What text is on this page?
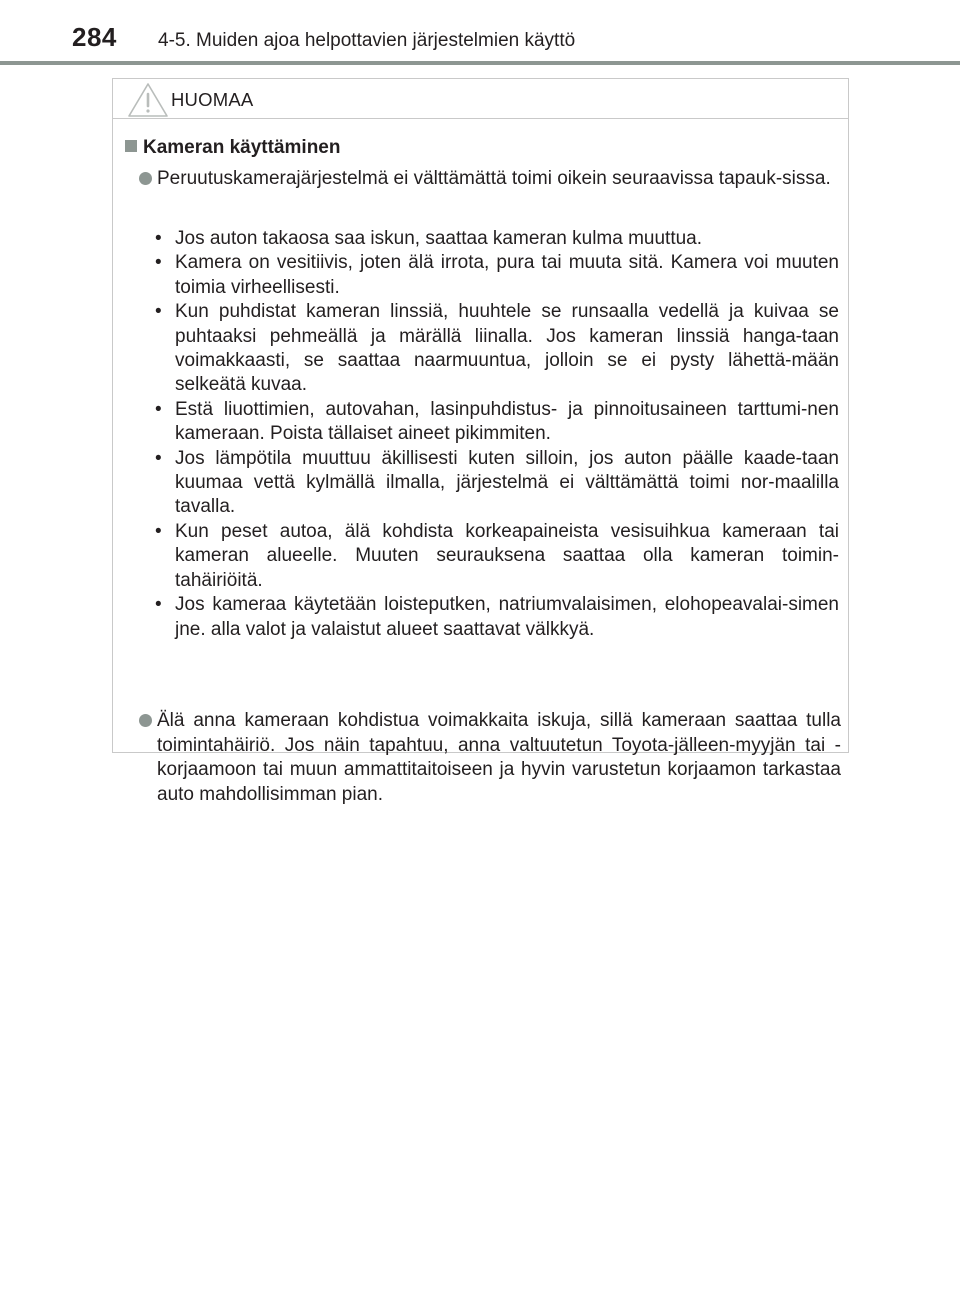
284 4-5. Muiden ajoa helpottavien järjestelmien käyttö
HUOMAA
Kameran käyttäminen
Peruutuskamerajärjestelmä ei välttämättä toimi oikein seuraavissa tapauk-sissa.
• Jos auton takaosa saa iskun, saattaa kameran kulma muuttua.
• Kamera on vesitiivis, joten älä irrota, pura tai muuta sitä. Kamera voi muuten toimia virheellisesti.
• Kun puhdistat kameran linssiä, huuhtele se runsaalla vedellä ja kuivaa se puhtaaksi pehmeällä ja märällä liinalla. Jos kameran linssiä hanga-taan voimakkaasti, se saattaa naarmuuntua, jolloin se ei pysty lähettä-mään selkeätä kuvaa.
• Estä liuottimien, autovahan, lasinpuhdistus- ja pinnoitusaineen tarttumi-nen kameraan. Poista tällaiset aineet pikimmiten.
• Jos lämpötila muuttuu äkillisesti kuten silloin, jos auton päälle kaade-taan kuumaa vettä kylmällä ilmalla, järjestelmä ei välttämättä toimi nor-maalilla tavalla.
• Kun peset autoa, älä kohdista korkeapaineista vesisuihkua kameraan tai kameran alueelle. Muuten seurauksena saattaa olla kameran toimin-tahäiriöitä.
• Jos kameraa käytetään loisteputken, natriumvalaisimen, elohopeavalai-simen jne. alla valot ja valaistut alueet saattavat välkkyä.
Älä anna kameraan kohdistua voimakkaita iskuja, sillä kameraan saattaa tulla toimintahäiriö. Jos näin tapahtuu, anna valtuutetun Toyota-jälleen-myyjän tai -korjaamoon tai muun ammattitaitoiseen ja hyvin varustetun korjaamon tarkastaa auto mahdollisimman pian.
